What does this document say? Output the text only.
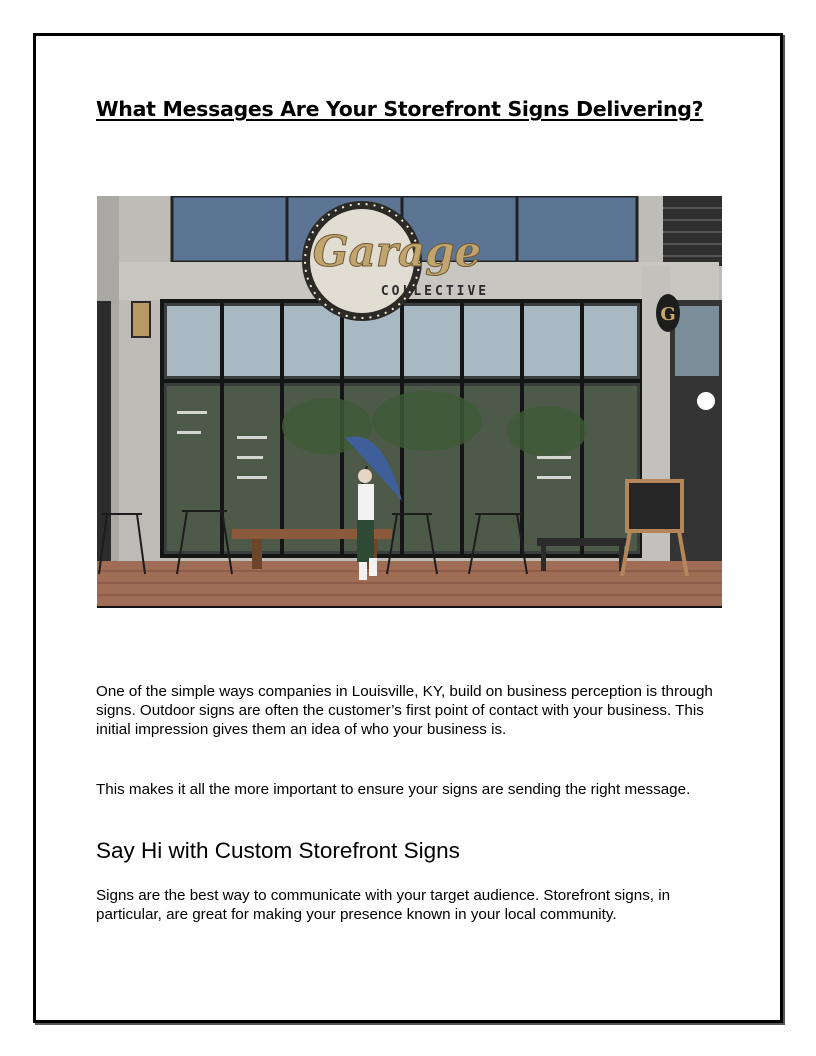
What Messages Are Your Storefront Signs Delivering?
Garage
COLLECTIVE
G

One of the simple ways companies in Louisville, KY, build on business perception is through signs. Outdoor signs are often the customer’s first point of contact with your business. This initial impression gives them an idea of who your business is.

This makes it all the more important to ensure your signs are sending the right message.

Say Hi with Custom Storefront Signs

Signs are the best way to communicate with your target audience. Storefront signs, in particular, are great for making your presence known in your local community.
